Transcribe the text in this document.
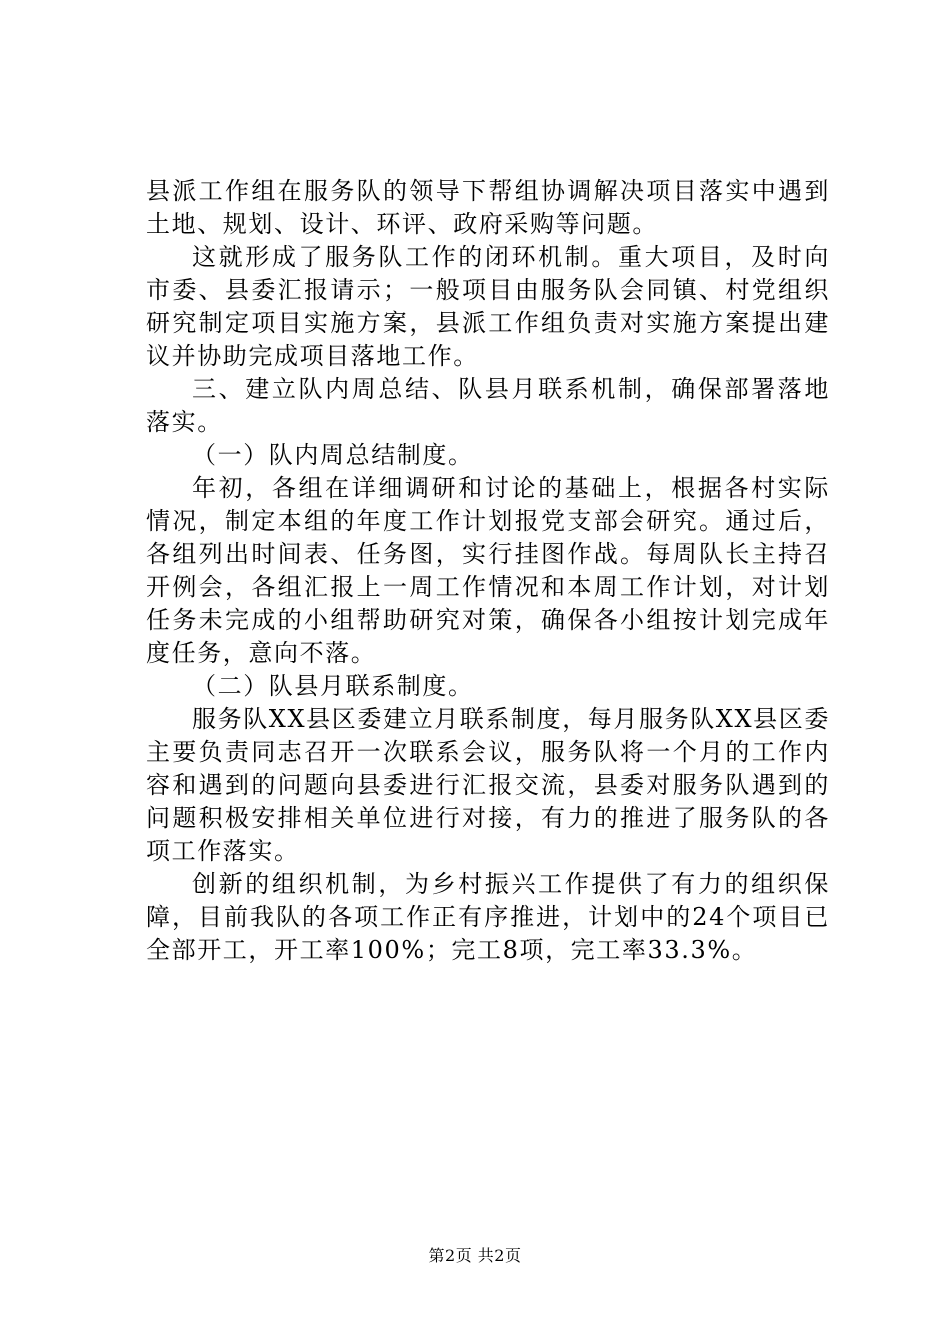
县派工作组在服务队的领导下帮组协调解决项目落实中遇到土地、规划、设计、环评、政府采购等问题。

这就形成了服务队工作的闭环机制。重大项目，及时向市委、县委汇报请示；一般项目由服务队会同镇、村党组织研究制定项目实施方案，县派工作组负责对实施方案提出建议并协助完成项目落地工作。

三、建立队内周总结、队县月联系机制，确保部署落地落实。

（一）队内周总结制度。

年初，各组在详细调研和讨论的基础上，根据各村实际情况，制定本组的年度工作计划报党支部会研究。通过后，各组列出时间表、任务图，实行挂图作战。每周队长主持召开例会，各组汇报上一周工作情况和本周工作计划，对计划任务未完成的小组帮助研究对策，确保各小组按计划完成年度任务，意向不落。

（二）队县月联系制度。

服务队XX县区委建立月联系制度，每月服务队XX县区委主要负责同志召开一次联系会议，服务队将一个月的工作内容和遇到的问题向县委进行汇报交流，县委对服务队遇到的问题积极安排相关单位进行对接，有力的推进了服务队的各项工作落实。

创新的组织机制，为乡村振兴工作提供了有力的组织保障，目前我队的各项工作正有序推进，计划中的24个项目已全部开工，开工率100%；完工8项，完工率33.3%。

第2页 共2页
